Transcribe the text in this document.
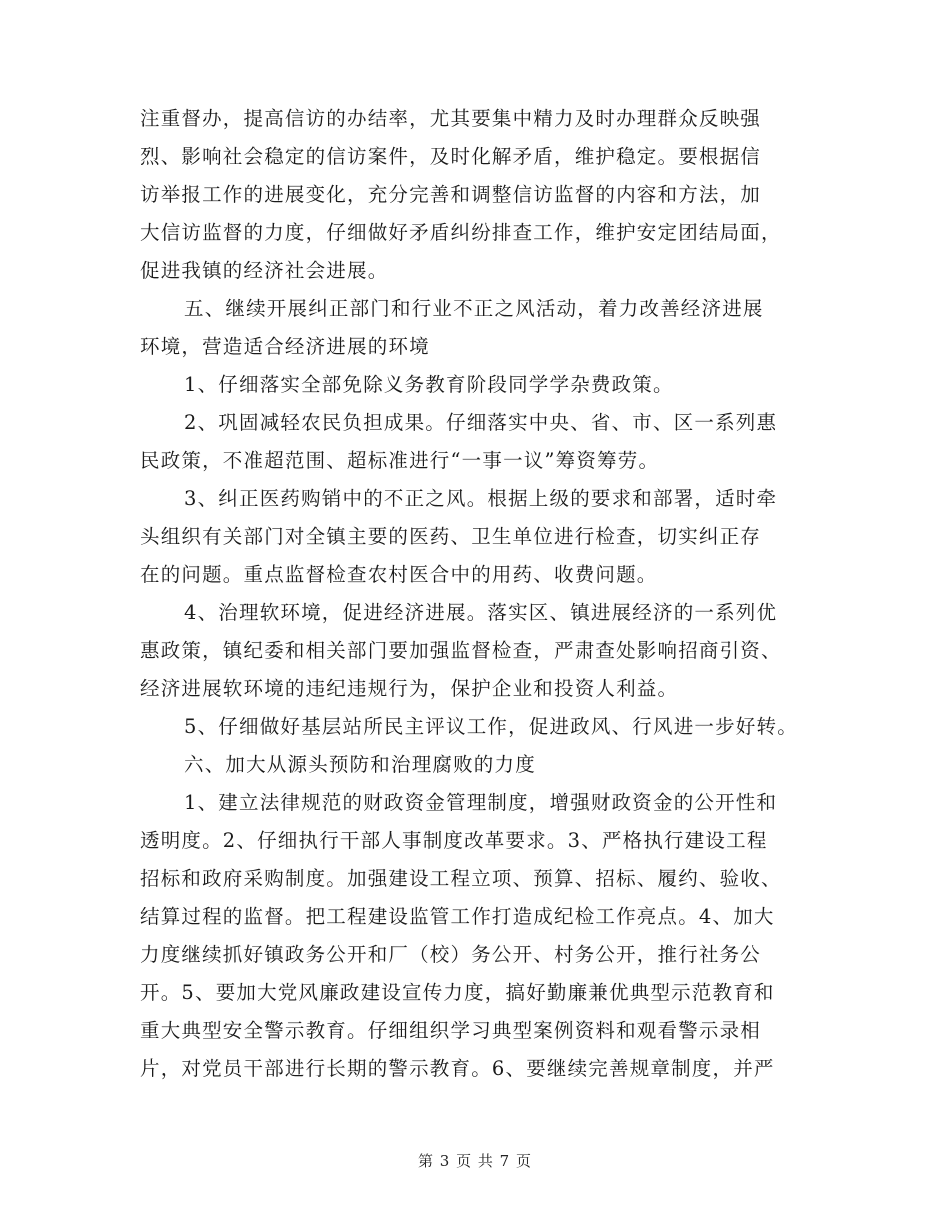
注重督办，提高信访的办结率，尤其要集中精力及时办理群众反映强
烈、影响社会稳定的信访案件，及时化解矛盾，维护稳定。要根据信
访举报工作的进展变化，充分完善和调整信访监督的内容和方法，加
大信访监督的力度，仔细做好矛盾纠纷排查工作，维护安定团结局面，
促进我镇的经济社会进展。
五、继续开展纠正部门和行业不正之风活动，着力改善经济进展
环境，营造适合经济进展的环境
1、仔细落实全部免除义务教育阶段同学学杂费政策。
2、巩固减轻农民负担成果。仔细落实中央、省、市、区一系列惠
民政策，不准超范围、超标准进行“一事一议”筹资筹劳。
3、纠正医药购销中的不正之风。根据上级的要求和部署，适时牵
头组织有关部门对全镇主要的医药、卫生单位进行检查，切实纠正存
在的问题。重点监督检查农村医合中的用药、收费问题。
4、治理软环境，促进经济进展。落实区、镇进展经济的一系列优
惠政策，镇纪委和相关部门要加强监督检查，严肃查处影响招商引资、
经济进展软环境的违纪违规行为，保护企业和投资人利益。
5、仔细做好基层站所民主评议工作，促进政风、行风进一步好转。
六、加大从源头预防和治理腐败的力度
1、建立法律规范的财政资金管理制度，增强财政资金的公开性和
透明度。2、仔细执行干部人事制度改革要求。3、严格执行建设工程
招标和政府采购制度。加强建设工程立项、预算、招标、履约、验收、
结算过程的监督。把工程建设监管工作打造成纪检工作亮点。4、加大
力度继续抓好镇政务公开和厂（校）务公开、村务公开，推行社务公
开。5、要加大党风廉政建设宣传力度，搞好勤廉兼优典型示范教育和
重大典型安全警示教育。仔细组织学习典型案例资料和观看警示录相
片，对党员干部进行长期的警示教育。6、要继续完善规章制度，并严
第 3 页 共 7 页
